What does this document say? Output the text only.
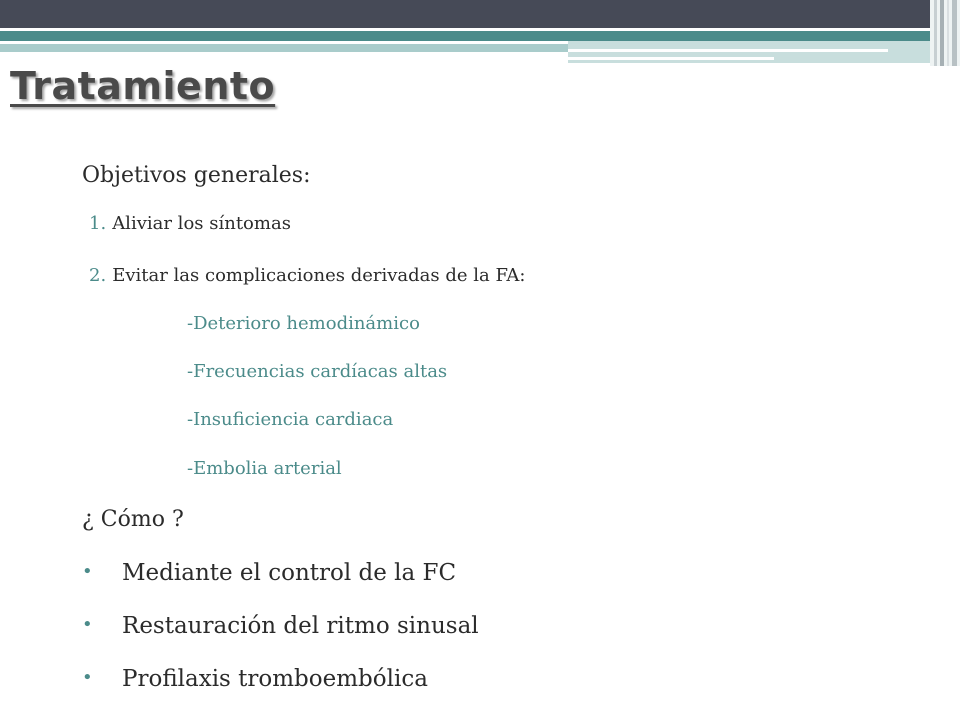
Tratamiento
Objetivos generales:
1. Aliviar los síntomas
2. Evitar las complicaciones derivadas de la FA:
-Deterioro hemodinámico
-Frecuencias cardíacas altas
-Insuficiencia cardiaca
-Embolia arterial
¿ Cómo ?
• Mediante el control de la FC
• Restauración del ritmo sinusal
• Profilaxis tromboembólica
